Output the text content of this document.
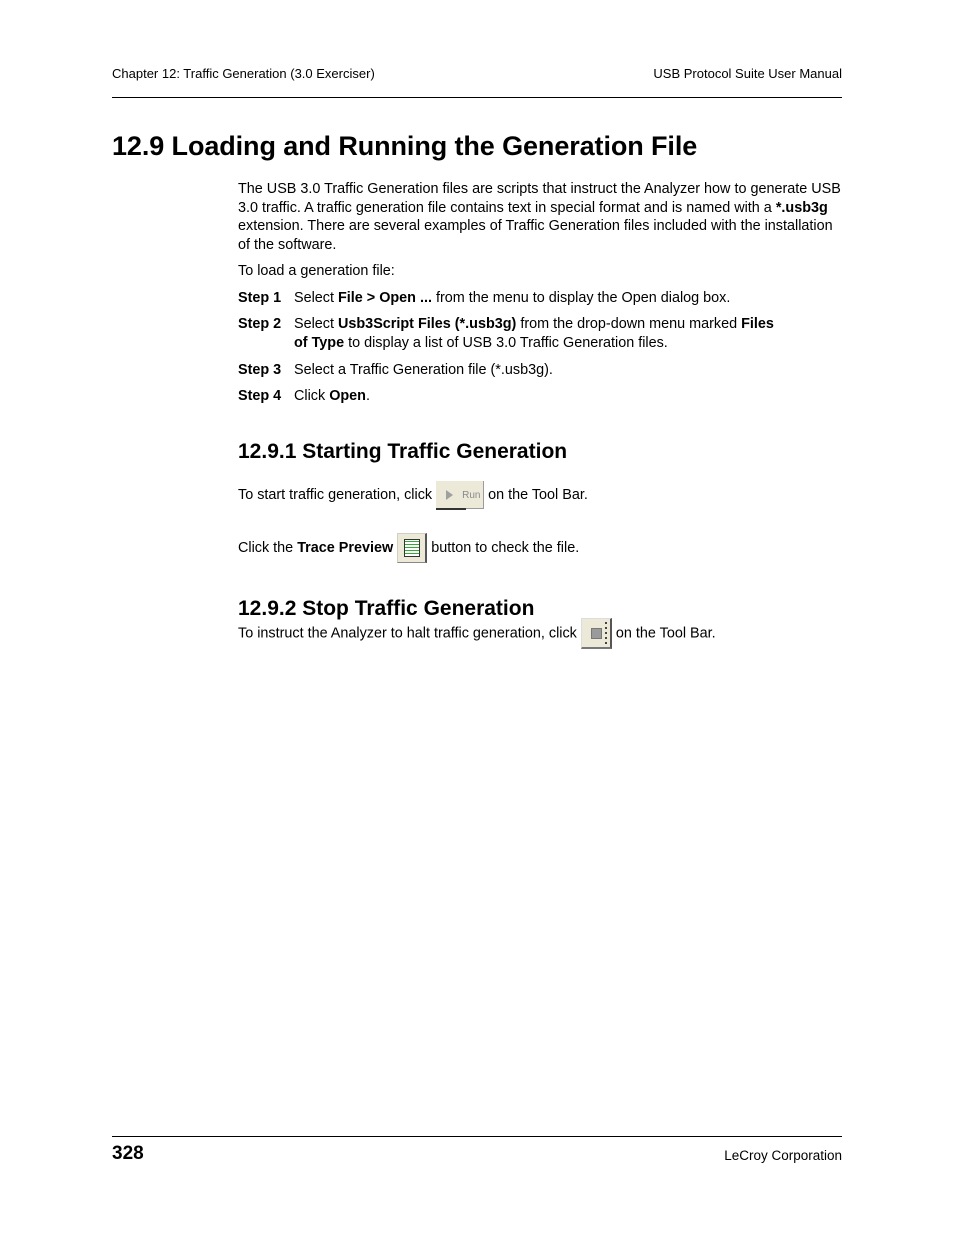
Chapter 12: Traffic Generation (3.0 Exerciser)	USB Protocol Suite User Manual
12.9 Loading and Running the Generation File
The USB 3.0 Traffic Generation files are scripts that instruct the Analyzer how to generate USB 3.0 traffic. A traffic generation file contains text in special format and is named with a *.usb3g extension. There are several examples of Traffic Generation files included with the installation of the software.
To load a generation file:
Step 1 Select File > Open ... from the menu to display the Open dialog box.
Step 2 Select Usb3Script Files (*.usb3g) from the drop-down menu marked Files of Type to display a list of USB 3.0 Traffic Generation files.
Step 3 Select a Traffic Generation file (*.usb3g).
Step 4 Click Open.
12.9.1 Starting Traffic Generation
To start traffic generation, click	Run on the Tool Bar.
Click the Trace Preview	button to check the file.
12.9.2 Stop Traffic Generation
To instruct the Analyzer to halt traffic generation, click
on the Tool Bar.
328	LeCroy Corporation
